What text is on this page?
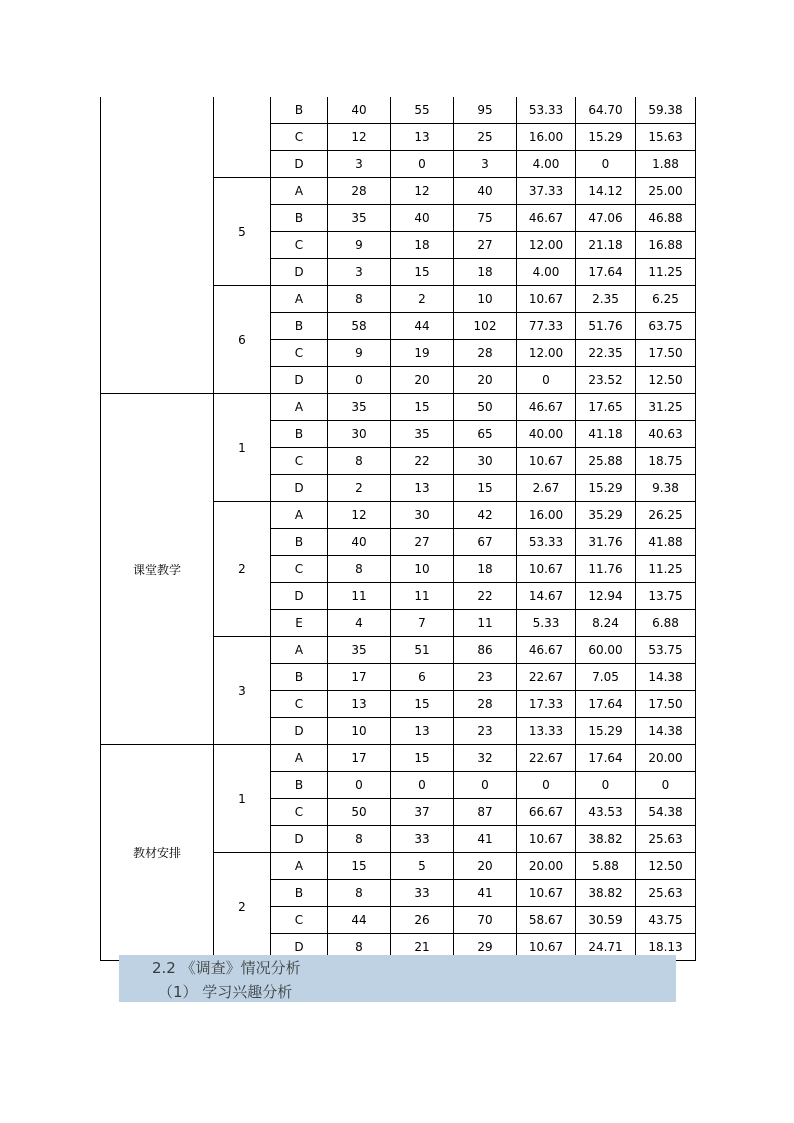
		B	40	55	95	53.33	64.70	59.38
		C	12	13	25	16.00	15.29	15.63
		D	3	0	3	4.00	0	1.88
	5	A	28	12	40	37.33	14.12	25.00
		B	35	40	75	46.67	47.06	46.88
		C	9	18	27	12.00	21.18	16.88
		D	3	15	18	4.00	17.64	11.25
	6	A	8	2	10	10.67	2.35	6.25
		B	58	44	102	77.33	51.76	63.75
		C	9	19	28	12.00	22.35	17.50
		D	0	20	20	0	23.52	12.50
课堂教学	1	A	35	15	50	46.67	17.65	31.25
		B	30	35	65	40.00	41.18	40.63
		C	8	22	30	10.67	25.88	18.75
		D	2	13	15	2.67	15.29	9.38
	2	A	12	30	42	16.00	35.29	26.25
		B	40	27	67	53.33	31.76	41.88
		C	8	10	18	10.67	11.76	11.25
		D	11	11	22	14.67	12.94	13.75
		E	4	7	11	5.33	8.24	6.88
	3	A	35	51	86	46.67	60.00	53.75
		B	17	6	23	22.67	7.05	14.38
		C	13	15	28	17.33	17.64	17.50
		D	10	13	23	13.33	15.29	14.38
教材安排	1	A	17	15	32	22.67	17.64	20.00
		B	0	0	0	0	0	0
		C	50	37	87	66.67	43.53	54.38
		D	8	33	41	10.67	38.82	25.63
	2	A	15	5	20	20.00	5.88	12.50
		B	8	33	41	10.67	38.82	25.63
		C	44	26	70	58.67	30.59	43.75
		D	8	21	29	10.67	24.71	18.13
2.2 《调查》情况分析
（1） 学习兴趣分析
